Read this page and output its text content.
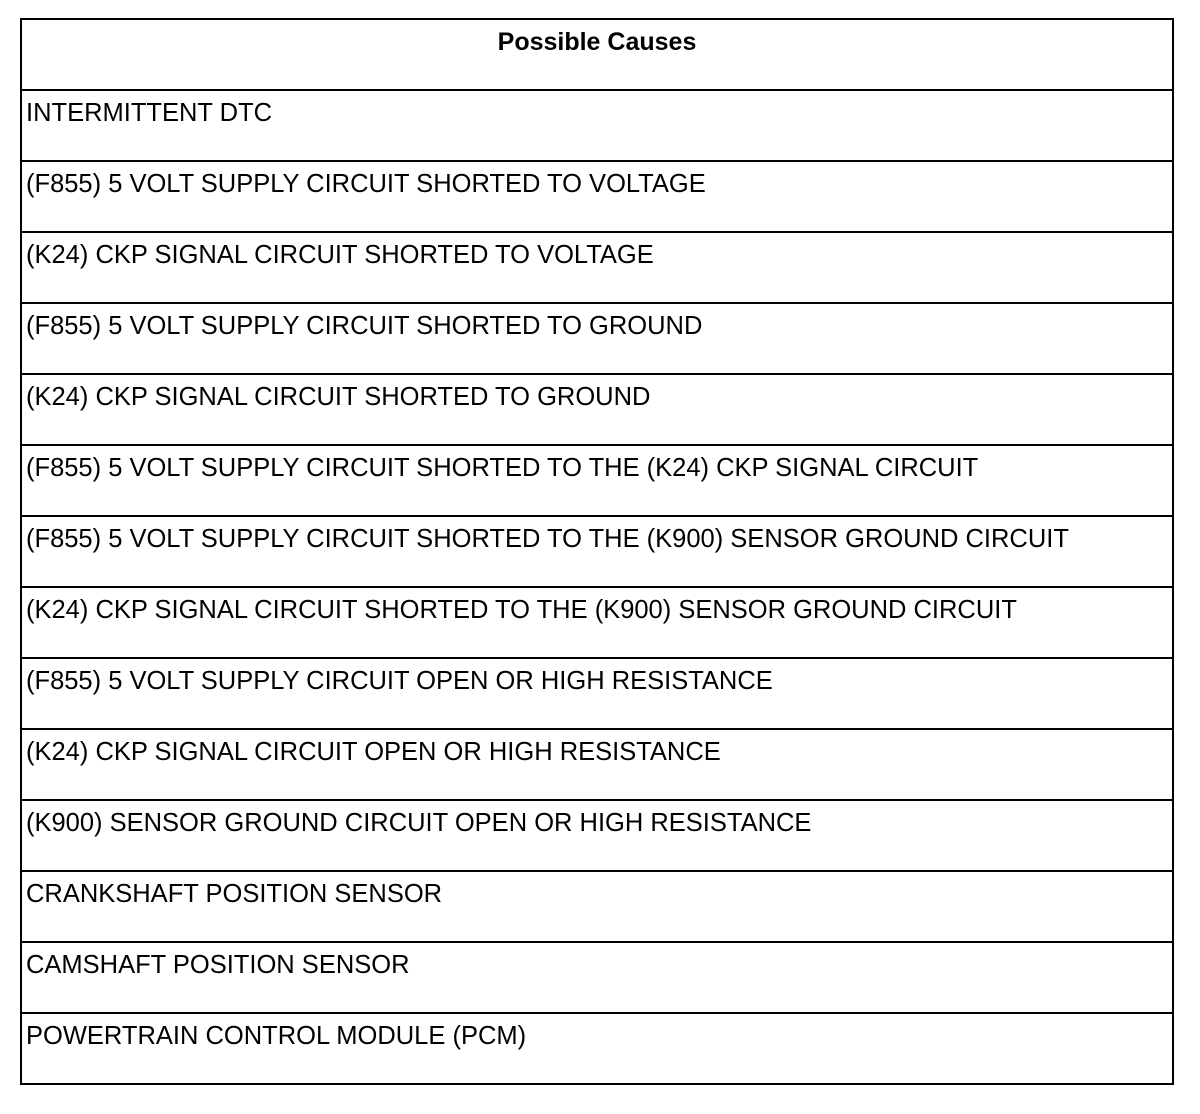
Possible Causes
INTERMITTENT DTC
(F855) 5 VOLT SUPPLY CIRCUIT SHORTED TO VOLTAGE
(K24) CKP SIGNAL CIRCUIT SHORTED TO VOLTAGE
(F855) 5 VOLT SUPPLY CIRCUIT SHORTED TO GROUND
(K24) CKP SIGNAL CIRCUIT SHORTED TO GROUND
(F855) 5 VOLT SUPPLY CIRCUIT SHORTED TO THE (K24) CKP SIGNAL CIRCUIT
(F855) 5 VOLT SUPPLY CIRCUIT SHORTED TO THE (K900) SENSOR GROUND CIRCUIT
(K24) CKP SIGNAL CIRCUIT SHORTED TO THE (K900) SENSOR GROUND CIRCUIT
(F855) 5 VOLT SUPPLY CIRCUIT OPEN OR HIGH RESISTANCE
(K24) CKP SIGNAL CIRCUIT OPEN OR HIGH RESISTANCE
(K900) SENSOR GROUND CIRCUIT OPEN OR HIGH RESISTANCE
CRANKSHAFT POSITION SENSOR
CAMSHAFT POSITION SENSOR
POWERTRAIN CONTROL MODULE (PCM)
